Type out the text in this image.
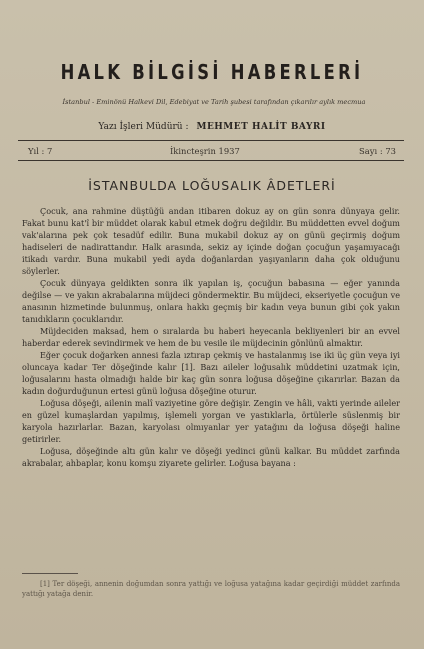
HALK BİLGİSİ HABERLERİ
İstanbul - Eminönü Halkevi Dil, Edebiyat ve Tarih şubesi tarafından çıkarılır aylık mecmua
Yazı İşleri Müdürü : MEHMET HALİT BAYRI
Yıl : 7	İkincteşrin 1937	Sayı : 73
İSTANBULDA LOĞUSALIK ÂDETLERİ

Çocuk, ana rahmine düştüğü andan itibaren dokuz ay on gün sonra dünyaya gelir. Fakat bunu kat'î bir müddet olarak kabul etmek doğru değildir. Bu müddetten evvel doğum vak'alarına pek çok tesadüf edilir. Buna mukabil dokuz ay on günü geçirmiş doğum hadiseleri de nadirattandır. Halk arasında, sekiz ay içinde doğan çocuğun yaşamıyacağı itikadı vardır. Buna mukabil yedi ayda doğanlardan yaşıyanların daha çok olduğunu söylerler.

Çocuk dünyaya geldikten sonra ilk yapılan iş, çocuğun babasına — eğer yanında değilse — ve yakın akrabalarına müjdeci göndermektir. Bu müjdeci, ekseriyetle çocuğun ve anasının hizmetinde bulunmuş, onlara hakkı geçmiş bir kadın veya bunun gibi çok yakın tanıdıkların çocuklarıdır.

Müjdeciden maksad, hem o sıralarda bu haberi heyecanla bekliyenleri bir an evvel haberdar ederek sevindirmek ve hem de bu vesile ile müjdecinin gönlünü almaktır.

Eğer çocuk doğarken annesi fazla ıztırap çekmiş ve hastalanmış ise iki üç gün veya iyi oluncaya kadar Ter döşeğinde kalır [1]. Bazı aileler loğusalık müddetini uzatmak için, loğusalarını hasta olmadığı halde bir kaç gün sonra loğusa döşeğine çıkarırlar. Bazan da kadın doğurduğunun ertesi günü loğusa döşeğine oturur.

Loğusa döşeği, ailenin malî vaziyetine göre değişir. Zengin ve hâli, vakti yerinde aileler en güzel kumaşlardan yapılmış, işlemeli yorgan ve yastıklarla, örtülerle süslenmiş bir karyola hazırlarlar. Bazan, karyolası olmıyanlar yer yatağını da loğusa döşeği haline getirirler.

Loğusa, döşeğinde altı gün kalır ve döşeği yedinci günü kalkar. Bu müddet zarfında akrabalar, ahbaplar, konu komşu ziyarete gelirler. Loğusa bayana :

[1] Ter döşeği, annenin doğumdan sonra yattığı ve loğusa yatağına kadar geçirdiği müddet zarfında yattığı yatağa denir.
